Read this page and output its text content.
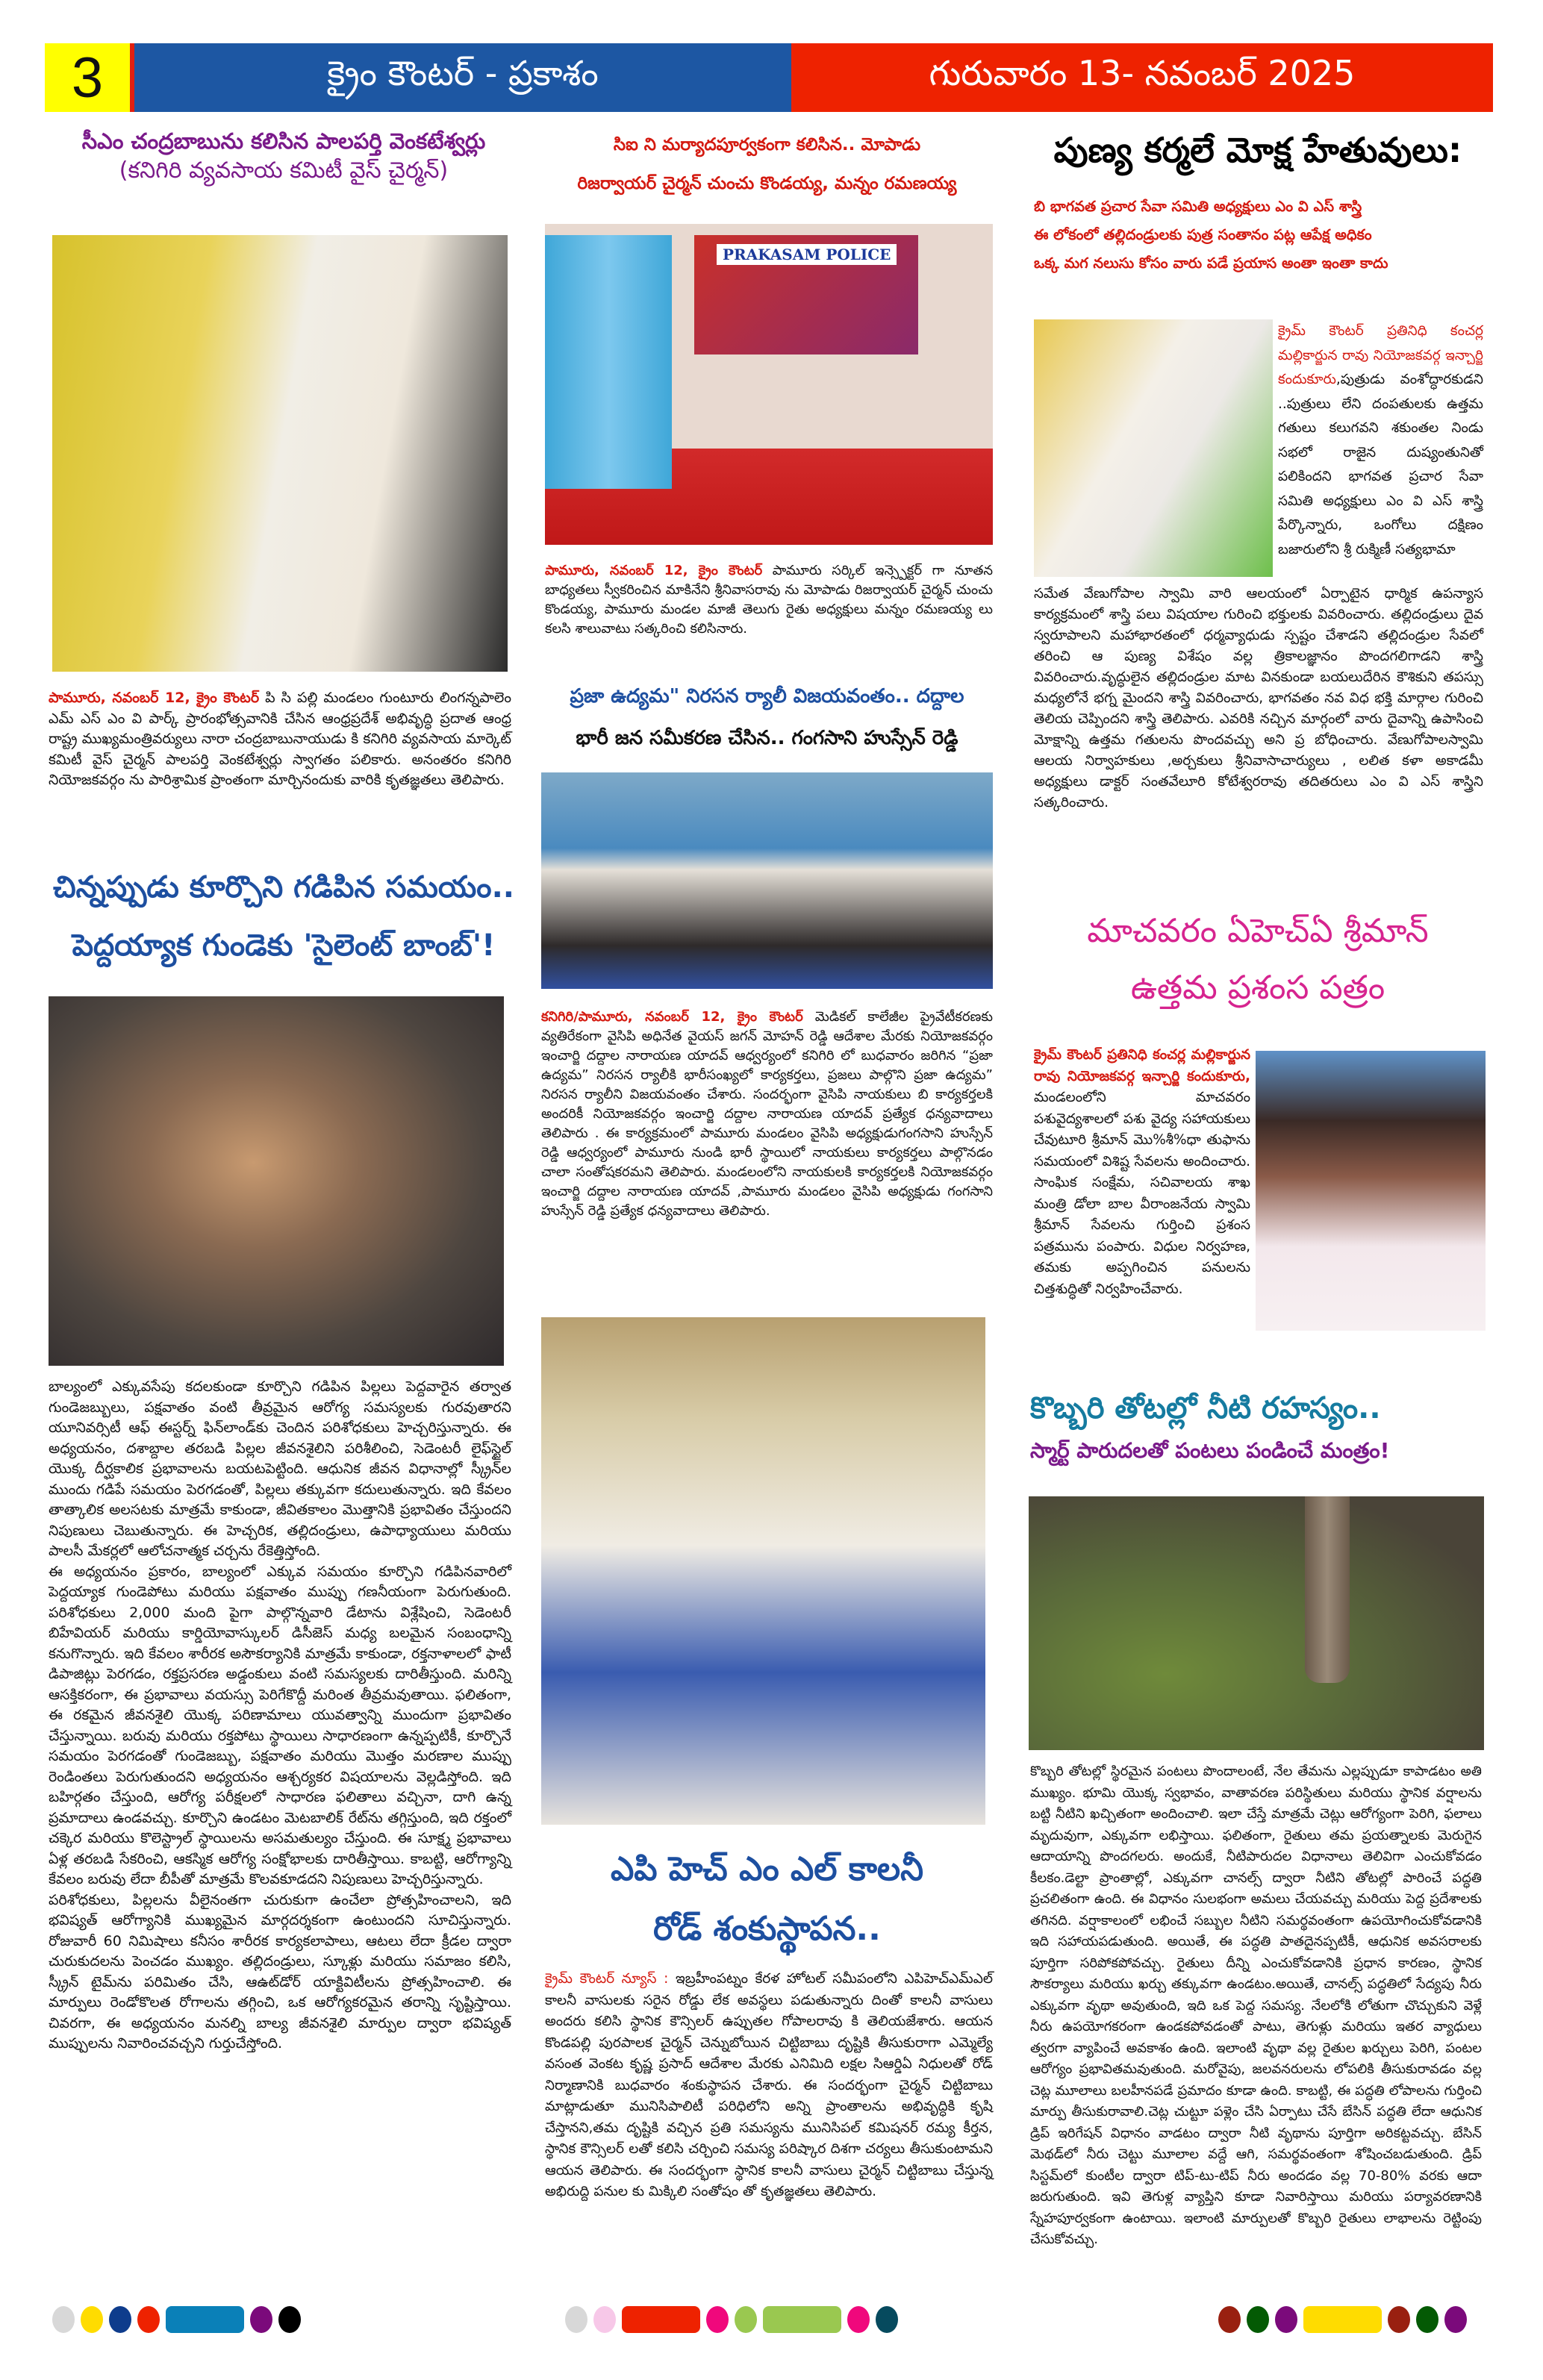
3	క్రైం కౌంటర్ - ప్రకాశం	గురువారం 13- నవంబర్ 2025
సీఎం చంద్రబాబును కలిసిన పాలపర్తి వెంకటేశ్వర్లు
(కనిగిరి వ్యవసాయ కమిటీ వైస్ చైర్మన్)
పామూరు, నవంబర్ 12, క్రైం కౌంటర్ పి సి పల్లి మండలం గుంటూరు లింగన్నపాలెం ఎమ్ ఎస్ ఎం వి పార్క్ ప్రారంభోత్సవానికి చేసిన ఆంధ్రప్రదేశ్ అభివృద్ధి ప్రదాత ఆంధ్ర రాష్ట్ర ముఖ్యమంత్రివర్యులు నారా చంద్రబాబునాయుడు కి కనిగిరి వ్యవసాయ మార్కెట్ కమిటీ వైస్ చైర్మన్ పాలపర్తి వెంకటేశ్వర్లు స్వాగతం పలికారు. అనంతరం కనిగిరి నియోజకవర్గం ను పారిశ్రామిక ప్రాంతంగా మార్చినందుకు వారికి కృతజ్ఞతలు తెలిపారు.
చిన్నప్పుడు కూర్చొని గడిపిన సమయం..
పెద్దయ్యాక గుండెకు 'సైలెంట్ బాంబ్'!

బాల్యంలో ఎక్కువసేపు కదలకుండా కూర్చొని గడిపిన పిల్లలు పెద్దవారైన తర్వాత గుండెజబ్బులు, పక్షవాతం వంటి తీవ్రమైన ఆరోగ్య సమస్యలకు గురవుతారని యూనివర్సిటీ ఆఫ్ ఈస్టర్న్ ఫిన్‌లాండ్‌కు చెందిన పరిశోధకులు హెచ్చరిస్తున్నారు. ఈ అధ్యయనం, దశాబ్దాల తరబడి పిల్లల జీవనశైలిని పరిశీలించి, సెడెంటరీ లైఫ్‌స్టైల్ యొక్క దీర్ఘకాలిక ప్రభావాలను బయటపెట్టింది. ఆధునిక జీవన విధానాల్లో స్క్రీన్‌ల ముందు గడిపే సమయం పెరగడంతో, పిల్లలు తక్కువగా కదులుతున్నారు. ఇది కేవలం తాత్కాలిక అలసటకు మాత్రమే కాకుండా, జీవితకాలం మొత్తానికి ప్రభావితం చేస్తుందని నిపుణులు చెబుతున్నారు. ఈ హెచ్చరిక, తల్లిదండ్రులు, ఉపాధ్యాయులు మరియు పాలసీ మేకర్లలో ఆలోచనాత్మక చర్చను రేకెత్తిస్తోంది.

ఈ అధ్యయనం ప్రకారం, బాల్యంలో ఎక్కువ సమయం కూర్చొని గడిపినవారిలో పెద్దయ్యాక గుండెపోటు మరియు పక్షవాతం ముప్పు గణనీయంగా పెరుగుతుంది. పరిశోధకులు 2,000 మంది పైగా పాల్గొన్నవారి డేటాను విశ్లేషించి, సెడెంటరీ బిహేవియర్ మరియు కార్డియోవాస్కులర్ డిసీజెస్ మధ్య బలమైన సంబంధాన్ని కనుగొన్నారు. ఇది కేవలం శారీరక అసౌకర్యానికి మాత్రమే కాకుండా, రక్తనాళాలలో ఫాటీ డిపాజిట్లు పెరగడం, రక్తప్రసరణ అడ్డంకులు వంటి సమస్యలకు దారితీస్తుంది. మరిన్ని ఆసక్తికరంగా, ఈ ప్రభావాలు వయస్సు పెరిగేకొద్దీ మరింత తీవ్రమవుతాయి. ఫలితంగా, ఈ రకమైన జీవనశైలి యొక్క పరిణామాలు యువత్వాన్ని ముందుగా ప్రభావితం చేస్తున్నాయి. బరువు మరియు రక్తపోటు స్థాయిలు సాధారణంగా ఉన్నప్పటికీ, కూర్చొనే సమయం పెరగడంతో గుండెజబ్బు, పక్షవాతం మరియు మొత్తం మరణాల ముప్పు రెండింతలు పెరుగుతుందని అధ్యయనం ఆశ్చర్యకర విషయాలను వెల్లడిస్తోంది. ఇది బహిర్గతం చేస్తుంది, ఆరోగ్య పరీక్షలలో సాధారణ ఫలితాలు వచ్చినా, దాగి ఉన్న ప్రమాదాలు ఉండవచ్చు. కూర్చొని ఉండటం మెటబాలిక్ రేట్‌ను తగ్గిస్తుంది, ఇది రక్తంలో చక్కెర మరియు కొలెస్ట్రాల్ స్థాయిలను అసమతుల్యం చేస్తుంది. ఈ సూక్ష్మ ప్రభావాలు ఏళ్ల తరబడి సేకరించి, ఆకస్మిక ఆరోగ్య సంక్షోభాలకు దారితీస్తాయి. కాబట్టి, ఆరోగ్యాన్ని కేవలం బరువు లేదా బీపీతో మాత్రమే కొలవకూడదని నిపుణులు హెచ్చరిస్తున్నారు.

పరిశోధకులు, పిల్లలను వీలైనంతగా చురుకుగా ఉంచేలా ప్రోత్సహించాలని, ఇది భవిష్యత్ ఆరోగ్యానికి ముఖ్యమైన మార్గదర్శకంగా ఉంటుందని సూచిస్తున్నారు. రోజువారీ 60 నిమిషాలు కనీసం శారీరక కార్యకలాపాలు, ఆటలు లేదా క్రీడల ద్వారా చురుకుదలను పెంచడం ముఖ్యం. తల్లిదండ్రులు, స్కూళ్లు మరియు సమాజం కలిసి, స్క్రీన్ టైమ్‌ను పరిమితం చేసి, ఆఉట్‌డోర్ యాక్టివిటీలను ప్రోత్సహించాలి. ఈ మార్పులు రెండోకొలత రోగాలను తగ్గించి, ఒక ఆరోగ్యకరమైన తరాన్ని సృష్టిస్తాయి. చివరగా, ఈ అధ్యయనం మనల్ని బాల్య జీవనశైలి మార్పుల ద్వారా భవిష్యత్ ముప్పులను నివారించవచ్చని గుర్తుచేస్తోంది.

సిఐ ని మర్యాదపూర్వకంగా కలిసిన.. మోపాడు
రిజర్వాయర్ చైర్మన్ చుంచు కొండయ్య, మన్నం రమణయ్య
PRAKASAM POLICE
పామూరు, నవంబర్ 12, క్రైం కౌంటర్ పామూరు సర్కిల్ ఇన్స్పెక్టర్ గా నూతన బాధ్యతలు స్వీకరించిన మాకినేని శ్రీనివాసరావు ను మోపాడు రిజర్వాయర్ చైర్మన్ చుంచు కొండయ్య, పామూరు మండల మాజీ తెలుగు రైతు అధ్యక్షులు మన్నం రమణయ్య లు కలసి శాలువాటు సత్కరించి కలిసినారు.
ప్రజా ఉద్యమ" నిరసన ర్యాలీ విజయవంతం.. దద్దాల
భారీ జన సమీకరణ చేసిన.. గంగసాని హుస్సేన్ రెడ్డి
కనిగిరి/పామూరు, నవంబర్ 12, క్రైం కౌంటర్ మెడికల్ కాలేజీల ప్రైవేటీకరణకు వ్యతిరేకంగా వైసిపి అధినేత వైయస్ జగన్ మోహన్ రెడ్డి ఆదేశాల మేరకు నియోజకవర్గం ఇంచార్జి దద్దాల నారాయణ యాదవ్ ఆధ్వర్యంలో కనిగిరి లో బుధవారం జరిగిన “ప్రజా ఉద్యమ” నిరసన ర్యాలీకి భారీసంఖ్యలో కార్యకర్తలు, ప్రజలు పాల్గొని ప్రజా ఉద్యమ” నిరసన ర్యాలీని విజయవంతం చేశారు. సందర్భంగా వైసిపి నాయకులు బి కార్యకర్తలకి అందరికీ నియోజకవర్గం ఇంచార్జి దద్దాల నారాయణ యాదవ్ ప్రత్యేక ధన్యవాదాలు తెలిపారు . ఈ కార్యక్రమంలో పామూరు మండలం వైసిపి అధ్యక్షుడుగంగసాని హుస్సేన్ రెడ్డి ఆధ్వర్యంలో పామూరు నుండి భారీ స్థాయిలో నాయకులు కార్యకర్తలు పాల్గొనడం చాలా సంతోషకరమని తెలిపారు. మండలంలోని నాయకులకి కార్యకర్తలకి నియోజకవర్గం ఇంచార్జి దద్దాల నారాయణ యాదవ్ ,పామూరు మండలం వైసిపి అధ్యక్షుడు గంగసాని హుస్సేన్ రెడ్డి ప్రత్యేక ధన్యవాదాలు తెలిపారు.
ఎపి హెచ్ ఎం ఎల్ కాలనీ
రోడ్ శంకుస్థాపన..
క్రైమ్ కౌంటర్ న్యూస్ : ఇబ్రహీంపట్నం కేరళ హోటల్ సమీపంలోని ఎపిహెచ్ఎమ్ఎల్ కాలనీ వాసులకు సరైన రోడ్డు లేక అవస్థలు పడుతున్నారు దింతో కాలనీ వాసులు అందరు కలిసి స్థానిక కౌన్సిలర్ ఉప్పుతల గోపాలరావు కి తెలియజేశారు. ఆయన కొండపల్లి పురపాలక చైర్మన్ చెన్నుబోయిన చిట్టిబాబు దృష్టికి తీసుకురాగా ఎమ్మెల్యే వసంత వెంకట కృష్ణ ప్రసాద్ ఆదేశాల మేరకు ఎనిమిది లక్షల సిఆర్డిఏ నిధులతో రోడ్ నిర్మాణానికి బుధవారం శంకుస్థాపన చేశారు. ఈ సందర్భంగా చైర్మన్ చిట్టిబాబు మాట్లాడుతూ మునిసిపాలిటీ పరిధిలోని అన్ని ప్రాంతాలను అభివృద్ధికి కృషి చేస్తానని,తమ దృష్టికి వచ్చిన ప్రతి సమస్యను మునిసిపల్ కమిషనర్ రమ్య కీర్తన, స్థానిక కౌన్సిలర్ లతో కలిసి చర్చించి సమస్య పరిష్కార దిశగా చర్యలు తీసుకుంటామని ఆయన తెలిపారు. ఈ సందర్భంగా స్థానిక కాలనీ వాసులు చైర్మన్ చిట్టిబాబు చేస్తున్న అభిరుద్ది పనుల కు మిక్కిలి సంతోషం తో కృతజ్ఞతలు తెలిపారు.
పుణ్య కర్మలే మోక్ష హేతువులు:
బి భాగవత ప్రచార సేవా సమితి అధ్యక్షులు ఎం వి ఎస్ శాస్త్రి
ఈ లోకంలో తల్లిదండ్రులకు పుత్ర సంతానం పట్ల ఆపేక్ష అధికం
ఒక్క మగ నలుసు కోసం వారు పడే ప్రయాస అంతా ఇంతా కాదు
క్రైమ్ కౌంటర్ ప్రతినిధి కంచర్ల మల్లికార్జున రావు నియోజకవర్గ ఇన్చార్జి కందుకూరు,పుత్రుడు వంశోద్ధారకుడని ..పుత్రులు లేని దంపతులకు ఉత్తమ గతులు కలుగవని శకుంతల నిండు సభలో రాజైన దుష్యంతునితో పలికిందని భాగవత ప్రచార సేవా సమితి అధ్యక్షులు ఎం వి ఎస్ శాస్త్రి పేర్కొన్నారు, ఒంగోలు దక్షిణం బజారులోని శ్రీ రుక్మిణీ సత్యభామా
సమేత వేణుగోపాల స్వామి వారి ఆలయంలో ఏర్పాటైన ధార్మిక ఉపన్యాస కార్యక్రమంలో శాస్త్రి పలు విషయాల గురించి భక్తులకు వివరించారు. తల్లిదండ్రులు దైవ స్వరూపాలని మహాభారతంలో ధర్మవ్యాధుడు స్పష్టం చేశాడని తల్లిదండ్రుల సేవలో తరించి ఆ పుణ్య విశేషం వల్ల త్రికాలజ్ఞానం పొందగలిగాడని శాస్త్రి వివరించారు.వృద్ధులైన తల్లిదండ్రుల మాట వినకుండా బయలుదేరిన కౌశికుని తపస్సు మధ్యలోనే భగ్న మైందని శాస్త్రి వివరించారు, భాగవతం నవ విధ భక్తి మార్గాల గురించి తెలియ చెప్పిందని శాస్త్రి తెలిపారు. ఎవరికి నచ్చిన మార్గంలో వారు దైవాన్ని ఉపాసించి మోక్షాన్ని ఉత్తమ గతులను పొందవచ్చు అని ప్ర బోధించారు. వేణుగోపాలస్వామి ఆలయ నిర్వాహకులు ,అర్చకులు శ్రీనివాసాచార్యులు , లలిత కళా అకాడమీ అధ్యక్షులు డాక్టర్ సంతవేలూరి కోటేశ్వరరావు తదితరులు ఎం వి ఎస్ శాస్త్రిని సత్కరించారు.
మాచవరం ఏహెచ్ఏ శ్రీమాన్
ఉత్తమ ప్రశంస పత్రం
క్రైమ్ కౌంటర్ ప్రతినిధి కంచర్ల మల్లికార్జున రావు నియోజకవర్గ ఇన్చార్జి కందుకూరు, మండలంలోని మాచవరం పశువైద్యశాలలో పశు వైద్య సహాయకులు చేవుటూరి శ్రీమాన్ మొ%శీ%ధా తుఫాను సమయంలో విశిష్ట సేవలను అందించారు. సాంఘిక సంక్షేమ, సచివాలయ శాఖ మంత్రి డోలా బాల వీరాంజనేయ స్వామి శ్రీమాన్ సేవలను గుర్తించి ప్రశంస పత్రమును పంపారు. విధుల నిర్వహణ, తమకు అప్పగించిన పనులను చిత్తశుద్ధితో నిర్వహించేవారు.
కొబ్బరి తోటల్లో నీటి రహస్యం..
స్మార్ట్ పారుదలతో పంటలు పండించే మంత్రం!
కొబ్బరి తోటల్లో స్థిరమైన పంటలు పొందాలంటే, నేల తేమను ఎల్లప్పుడూ కాపాడటం అతి ముఖ్యం. భూమి యొక్క స్వభావం, వాతావరణ పరిస్థితులు మరియు స్థానిక వర్షాలను బట్టి నీటిని ఖచ్చితంగా అందించాలి. ఇలా చేస్తే మాత్రమే చెట్లు ఆరోగ్యంగా పెరిగి, ఫలాలు మృదువుగా, ఎక్కువగా లభిస్తాయి. ఫలితంగా, రైతులు తమ ప్రయత్నాలకు మెరుగైన ఆదాయాన్ని పొందగలరు. అందుకే, నీటిపారుదల విధానాలు తెలివిగా ఎంచుకోవడం కీలకం.డెల్టా ప్రాంతాల్లో, ఎక్కువగా చానల్స్ ద్వారా నీటిని తోటల్లో పారించే పద్ధతి ప్రచలితంగా ఉంది. ఈ విధానం సులభంగా అమలు చేయవచ్చు మరియు పెద్ద ప్రదేశాలకు తగినది. వర్షాకాలంలో లభించే సబ్బుల నీటిని సమర్థవంతంగా ఉపయోగించుకోవడానికి ఇది సహాయపడుతుంది. అయితే, ఈ పద్ధతి పాతదైనప్పటికీ, ఆధునిక అవసరాలకు పూర్తిగా సరిపోకపోవచ్చు. రైతులు దీన్ని ఎంచుకోవడానికి ప్రధాన కారణం, స్థానిక సౌకర్యాలు మరియు ఖర్చు తక్కువగా ఉండటం.అయితే, చానల్స్ పద్ధతిలో సేద్యపు నీరు ఎక్కువగా వృథా అవుతుంది, ఇది ఒక పెద్ద సమస్య. నేలలోకి లోతుగా చొచ్చుకుని వెళ్లే నీరు ఉపయోగకరంగా ఉండకపోవడంతో పాటు, తెగుళ్లు మరియు ఇతర వ్యాధులు త్వరగా వ్యాపించే అవకాశం ఉంది. ఇలాంటి వృథా వల్ల రైతుల ఖర్చులు పెరిగి, పంటల ఆరోగ్యం ప్రభావితమవుతుంది. మరోవైపు, జలవనరులను లోపలికి తీసుకురావడం వల్ల చెట్ల మూలాలు బలహీనపడే ప్రమాదం కూడా ఉంది. కాబట్టి, ఈ పద్ధతి లోపాలను గుర్తించి మార్పు తీసుకురావాలి.చెట్ల చుట్టూ పళ్లెం చేసి ఏర్పాటు చేసే బేసిన్ పద్ధతి లేదా ఆధునిక డ్రిప్ ఇరిగేషన్ విధానం వాడటం ద్వారా నీటి వృథాను పూర్తిగా అరికట్టవచ్చు. బేసిన్ మెథడ్‌లో నీరు చెట్టు మూలాల వద్దే ఆగి, సమర్థవంతంగా శోషించబడుతుంది. డ్రిప్ సిస్టమ్‌లో కుంటీల ద్వారా టిప్-టు-టిప్ నీరు అందడం వల్ల 70-80% వరకు ఆదా జరుగుతుంది. ఇవి తెగుళ్ల వ్యాప్తిని కూడా నివారిస్తాయి మరియు పర్యావరణానికి స్నేహపూర్వకంగా ఉంటాయి. ఇలాంటి మార్పులతో కొబ్బరి రైతులు లాభాలను రెట్టింపు చేసుకోవచ్చు.
